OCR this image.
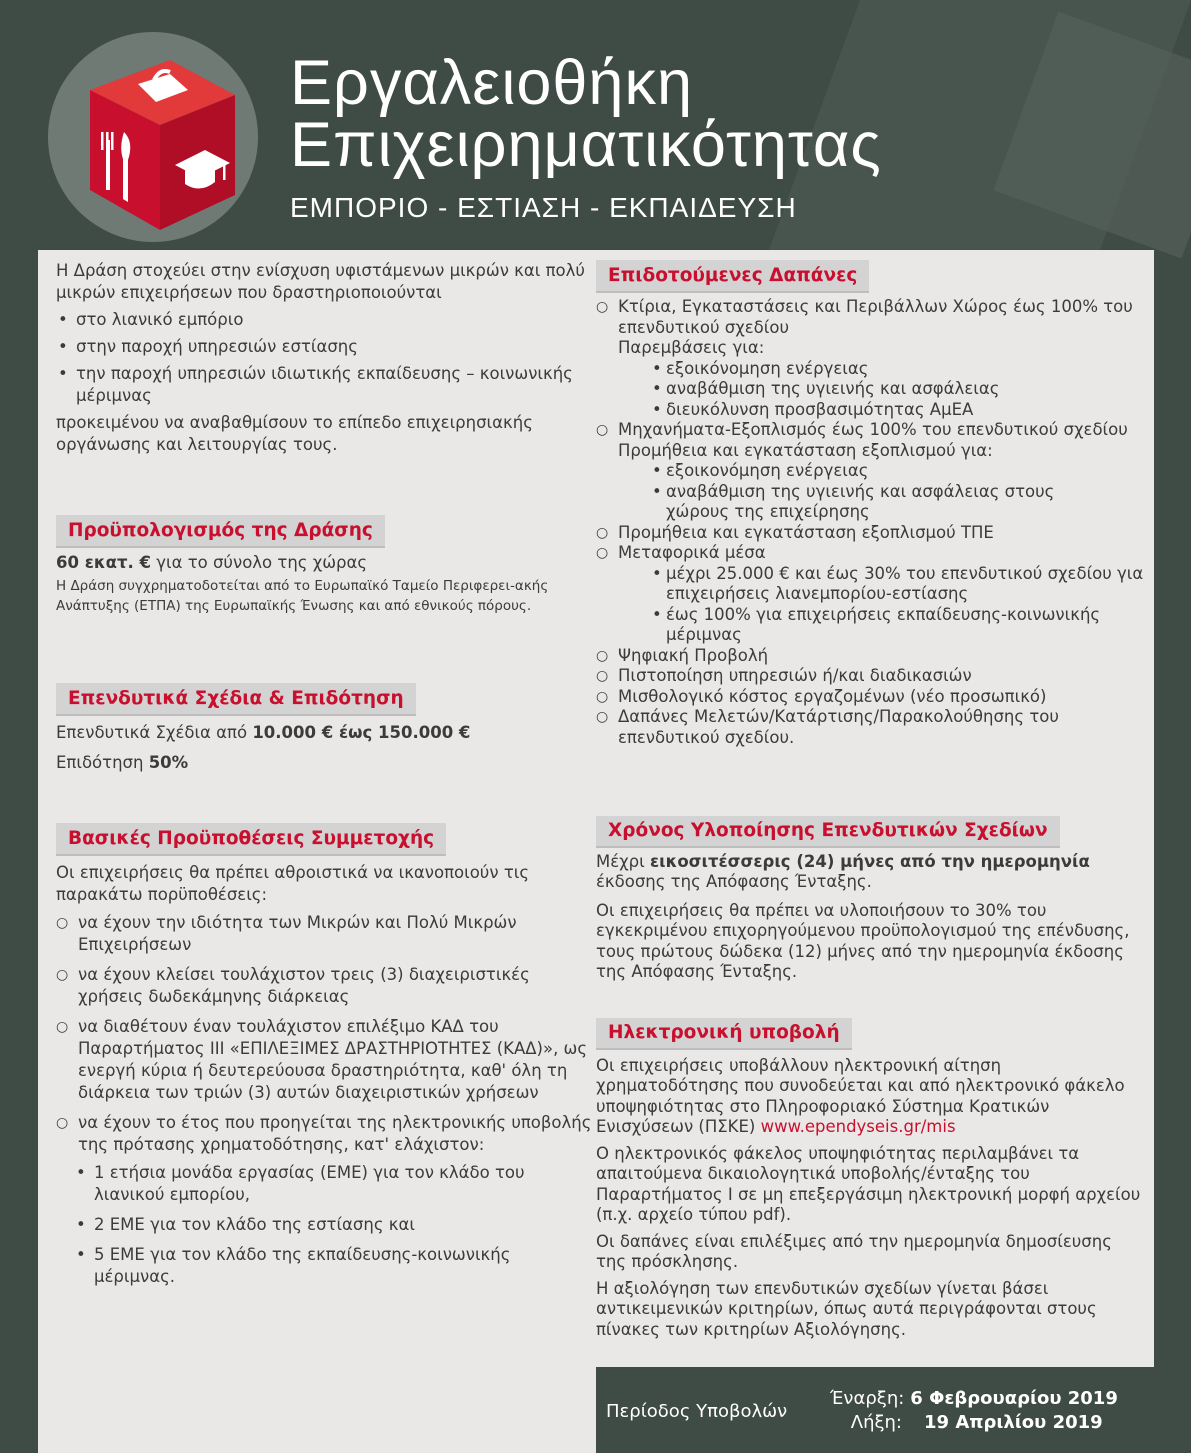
Εργαλειοθήκη
Επιχειρηματικότητας
ΕΜΠΟΡΙΟ - ΕΣΤΙΑΣΗ - ΕΚΠΑΙΔΕΥΣΗ

Η Δράση στοχεύει στην ενίσχυση υφιστάμενων μικρών και πολύ μικρών επιχειρήσεων που δραστηριοποιούνται

• στο λιανικό εμπόριο
• στην παροχή υπηρεσιών εστίασης
• την παροχή υπηρεσιών ιδιωτικής εκπαίδευσης – κοινωνικής μέριμνας

προκειμένου να αναβαθμίσουν το επίπεδο επιχειρησιακής οργάνωσης και λειτουργίας τους.

Προϋπολογισμός της Δράσης

60 εκατ. € για το σύνολο της χώρας

Η Δράση συγχρηματοδοτείται από το Ευρωπαϊκό Ταμείο Περιφερει-ακής Ανάπτυξης (ΕΤΠΑ) της Ευρωπαϊκής Ένωσης και από εθνικούς πόρους.

Επενδυτικά Σχέδια & Επιδότηση

Επενδυτικά Σχέδια από 10.000 € έως 150.000 €

Επιδότηση 50%

Βασικές Προϋποθέσεις Συμμετοχής

Οι επιχειρήσεις θα πρέπει αθροιστικά να ικανοποιούν τις παρακάτω πορϋποθέσεις:

○ να έχουν την ιδιότητα των Μικρών και Πολύ Μικρών Επιχειρήσεων
○ να έχουν κλείσει τουλάχιστον τρεις (3) διαχειριστικές χρήσεις δωδεκάμηνης διάρκειας
○ να διαθέτουν έναν τουλάχιστον επιλέξιμο ΚΑΔ του Παραρτήματος ΙΙΙ «ΕΠΙΛΕΞΙΜΕΣ ΔΡΑΣΤΗΡΙΟΤΗΤΕΣ (ΚΑΔ)», ως ενεργή κύρια ή δευτερεύουσα δραστηριότητα, καθ' όλη τη διάρκεια των τριών (3) αυτών διαχειριστικών χρήσεων
○ να έχουν το έτος που προηγείται της ηλεκτρονικής υποβολής της πρότασης χρηματοδότησης, κατ' ελάχιστον:
• 1 ετήσια μονάδα εργασίας (ΕΜΕ) για τον κλάδο του λιανικού εμπορίου,
• 2 ΕΜΕ για τον κλάδο της εστίασης και
• 5 ΕΜΕ για τον κλάδο της εκπαίδευσης-κοινωνικής μέριμνας.
Επιδοτούμενες Δαπάνες
○ Κτίρια, Εγκαταστάσεις και Περιβάλλων Χώρος έως 100% του επενδυτικού σχεδίου
Παρεμβάσεις για:
• εξοικόνομηση ενέργειας
• αναβάθμιση της υγιεινής και ασφάλειας
• διευκόλυνση προσβασιμότητας ΑμΕΑ
○ Μηχανήματα-Εξοπλισμός έως 100% του επενδυτικού σχεδίου
Προμήθεια και εγκατάσταση εξοπλισμού για:
• εξοικονόμηση ενέργειας
• αναβάθμιση της υγιεινής και ασφάλειας στους χώρους της επιχείρησης
○ Προμήθεια και εγκατάσταση εξοπλισμού ΤΠΕ
○ Μεταφορικά μέσα
• μέχρι 25.000 € και έως 30% του επενδυτικού σχεδίου για επιχειρήσεις λιανεμπορίου-εστίασης
• έως 100% για επιχειρήσεις εκπαίδευσης-κοινωνικής μέριμνας
○ Ψηφιακή Προβολή
○ Πιστοποίηση υπηρεσιών ή/και διαδικασιών
○ Μισθολογικό κόστος εργαζομένων (νέο προσωπικό)
○ Δαπάνες Μελετών/Κατάρτισης/Παρακολούθησης του επενδυτικού σχεδίου.
Χρόνος Υλοποίησης Επενδυτικών Σχεδίων

Μέχρι εικοσιτέσσερις (24) μήνες από την ημερομηνία έκδοσης της Απόφασης Ένταξης.

Οι επιχειρήσεις θα πρέπει να υλοποιήσουν το 30% του εγκεκριμένου επιχορηγούμενου προϋπολογισμού της επένδυσης, τους πρώτους δώδεκα (12) μήνες από την ημερομηνία έκδοσης της Απόφασης Ένταξης.

Ηλεκτρονική υποβολή

Οι επιχειρήσεις υποβάλλουν ηλεκτρονική αίτηση χρηματοδότησης που συνοδεύεται και από ηλεκτρονικό φάκελο υποψηφιότητας στο Πληροφοριακό Σύστημα Κρατικών Ενισχύσεων (ΠΣΚΕ) www.ependyseis.gr/mis

Ο ηλεκτρονικός φάκελος υποψηφιότητας περιλαμβάνει τα απαιτούμενα δικαιολογητικά υποβολής/ένταξης του Παραρτήματος Ι σε μη επεξεργάσιμη ηλεκτρονική μορφή αρχείου (π.χ. αρχείο τύπου pdf).

Οι δαπάνες είναι επιλέξιμες από την ημερομηνία δημοσίευσης της πρόσκλησης.

Η αξιολόγηση των επενδυτικών σχεδίων γίνεται βάσει αντικειμενικών κριτηρίων, όπως αυτά περιγράφονται στους πίνακες των κριτηρίων Αξιολόγησης.

Περίοδος Υποβολών
Έναρξη: 6 Φεβρουαρίου 2019
Λήξη: 19 Απριλίου 2019
